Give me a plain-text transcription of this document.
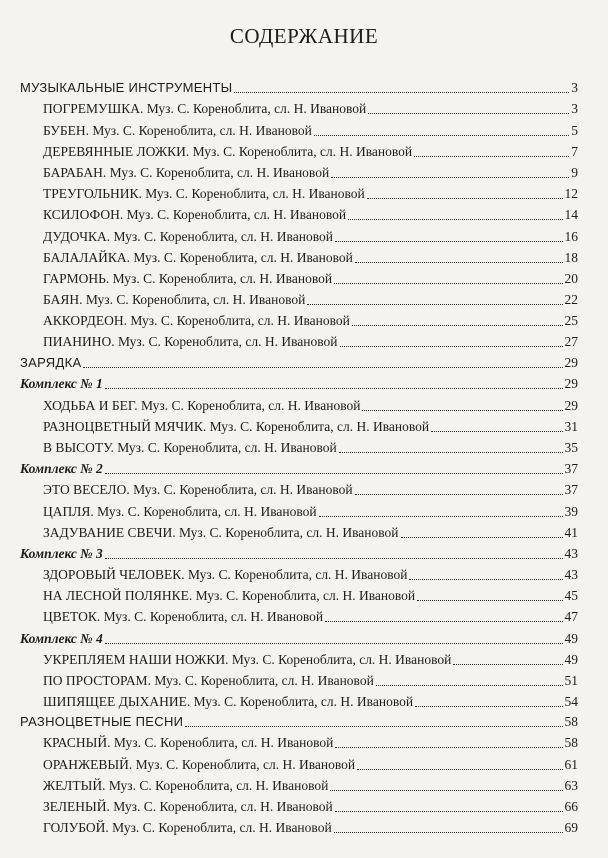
СОДЕРЖАНИЕ
МУЗЫКАЛЬНЫЕ ИНСТРУМЕНТЫ	3
ПОГРЕМУШКА. Муз. С. Кореноблита, сл. Н. Ивановой	3
БУБЕН. Муз. С. Кореноблита, сл. Н. Ивановой	5
ДЕРЕВЯННЫЕ ЛОЖКИ. Муз. С. Кореноблита, сл. Н. Ивановой	7
БАРАБАН. Муз. С. Кореноблита, сл. Н. Ивановой	9
ТРЕУГОЛЬНИК. Муз. С. Кореноблита, сл. Н. Ивановой	12
КСИЛОФОН. Муз. С. Кореноблита, сл. Н. Ивановой	14
ДУДОЧКА. Муз. С. Кореноблита, сл. Н. Ивановой	16
БАЛАЛАЙКА. Муз. С. Кореноблита, сл. Н. Ивановой	18
ГАРМОНЬ. Муз. С. Кореноблита, сл. Н. Ивановой	20
БАЯН. Муз. С. Кореноблита, сл. Н. Ивановой	22
АККОРДЕОН. Муз. С. Кореноблита, сл. Н. Ивановой	25
ПИАНИНО. Муз. С. Кореноблита, сл. Н. Ивановой	27
ЗАРЯДКА	29
Комплекс № 1	29
ХОДЬБА И БЕГ. Муз. С. Кореноблита, сл. Н. Ивановой	29
РАЗНОЦВЕТНЫЙ МЯЧИК. Муз. С. Кореноблита, сл. Н. Ивановой	31
В ВЫСОТУ. Муз. С. Кореноблита, сл. Н. Ивановой	35
Комплекс № 2	37
ЭТО ВЕСЕЛО. Муз. С. Кореноблита, сл. Н. Ивановой	37
ЦАПЛЯ. Муз. С. Кореноблита, сл. Н. Ивановой	39
ЗАДУВАНИЕ СВЕЧИ. Муз. С. Кореноблита, сл. Н. Ивановой	41
Комплекс № 3	43
ЗДОРОВЫЙ ЧЕЛОВЕК. Муз. С. Кореноблита, сл. Н. Ивановой	43
НА ЛЕСНОЙ ПОЛЯНКЕ. Муз. С. Кореноблита, сл. Н. Ивановой	45
ЦВЕТОК. Муз. С. Кореноблита, сл. Н. Ивановой	47
Комплекс № 4	49
УКРЕПЛЯЕМ НАШИ НОЖКИ. Муз. С. Кореноблита, сл. Н. Ивановой	49
ПО ПРОСТОРАМ. Муз. С. Кореноблита, сл. Н. Ивановой	51
ШИПЯЩЕЕ ДЫХАНИЕ. Муз. С. Кореноблита, сл. Н. Ивановой	54
РАЗНОЦВЕТНЫЕ ПЕСНИ	58
КРАСНЫЙ. Муз. С. Кореноблита, сл. Н. Ивановой	58
ОРАНЖЕВЫЙ. Муз. С. Кореноблита, сл. Н. Ивановой	61
ЖЕЛТЫЙ. Муз. С. Кореноблита, сл. Н. Ивановой	63
ЗЕЛЕНЫЙ. Муз. С. Кореноблита, сл. Н. Ивановой	66
ГОЛУБОЙ. Муз. С. Кореноблита, сл. Н. Ивановой	69
